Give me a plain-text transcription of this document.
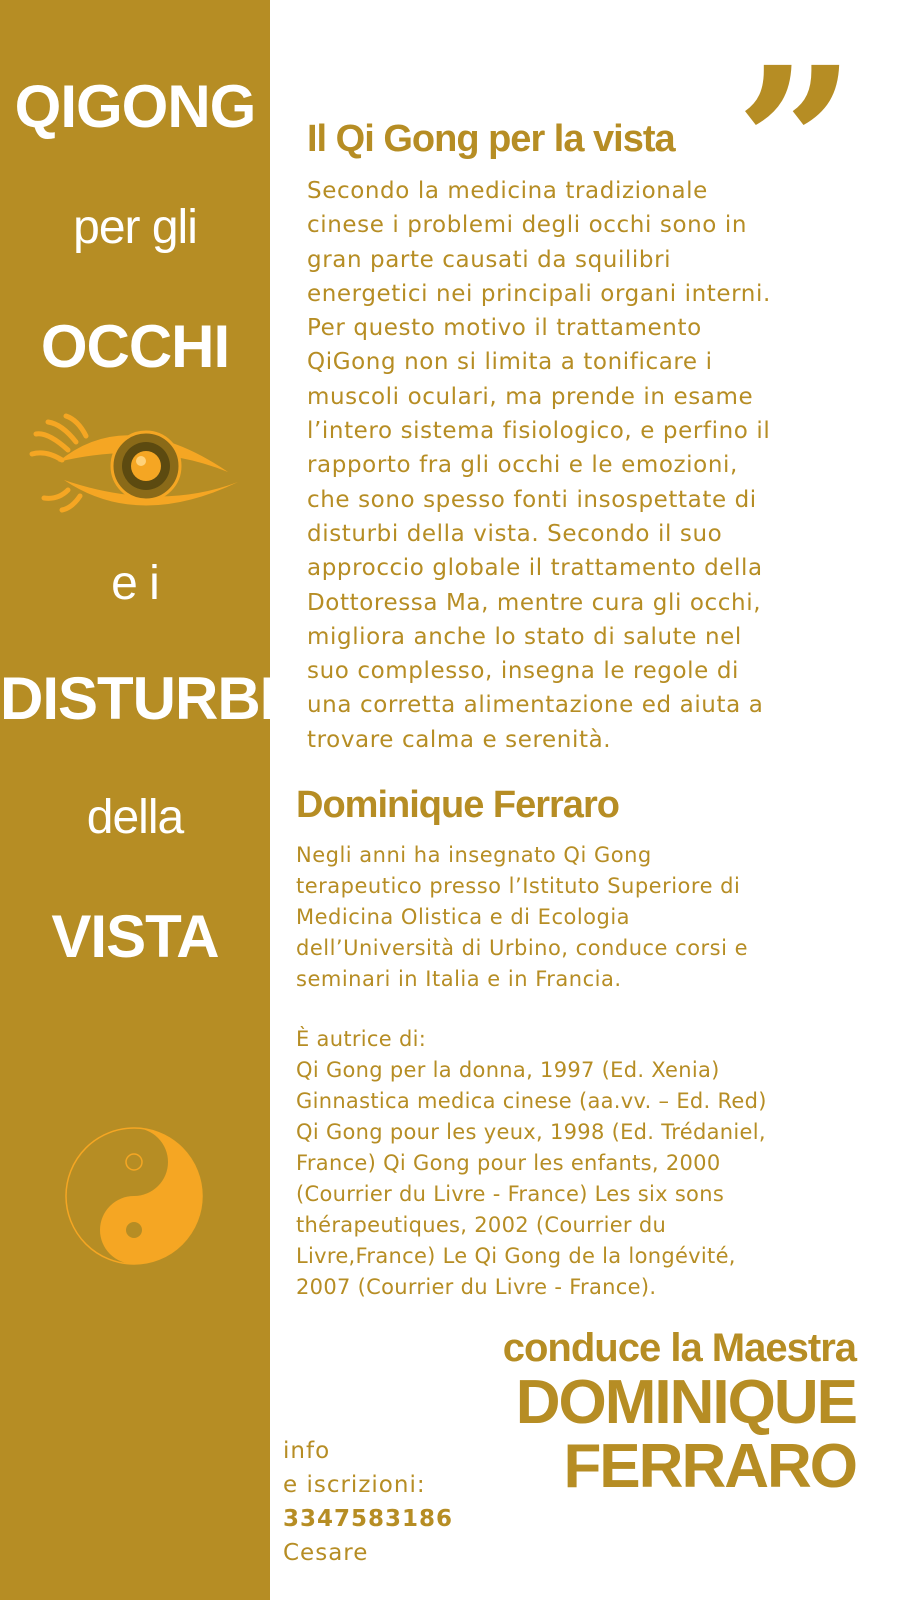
QIGONG
per gli
OCCHI
e i
DISTURBI
della
VISTA
”
Il Qi Gong per la vista
Secondo la medicina tradizionale
cinese i problemi degli occhi sono in
gran parte causati da squilibri
energetici nei principali organi interni.
Per questo motivo il trattamento
QiGong non si limita a tonificare i
muscoli oculari, ma prende in esame
l’intero sistema fisiologico, e perfino il
rapporto fra gli occhi e le emozioni,
che sono spesso fonti insospettate di
disturbi della vista. Secondo il suo
approccio globale il trattamento della
Dottoressa Ma, mentre cura gli occhi,
migliora anche lo stato di salute nel
suo complesso, insegna le regole di
una corretta alimentazione ed aiuta a
trovare calma e serenità.
Dominique Ferraro
Negli anni ha insegnato Qi Gong
terapeutico presso l’Istituto Superiore di
Medicina Olistica e di Ecologia
dell’Università di Urbino, conduce corsi e
seminari in Italia e in Francia.
È autrice di:
Qi Gong per la donna, 1997 (Ed. Xenia)
Ginnastica medica cinese (aa.vv. – Ed. Red)
Qi Gong pour les yeux, 1998 (Ed. Trédaniel,
France) Qi Gong pour les enfants, 2000
(Courrier du Livre - France) Les six sons
thérapeutiques, 2002 (Courrier du
Livre,France) Le Qi Gong de la longévité,
2007 (Courrier du Livre - France).
conduce la Maestra
DOMINIQUE
FERRARO
info
e iscrizioni:
3347583186
Cesare
